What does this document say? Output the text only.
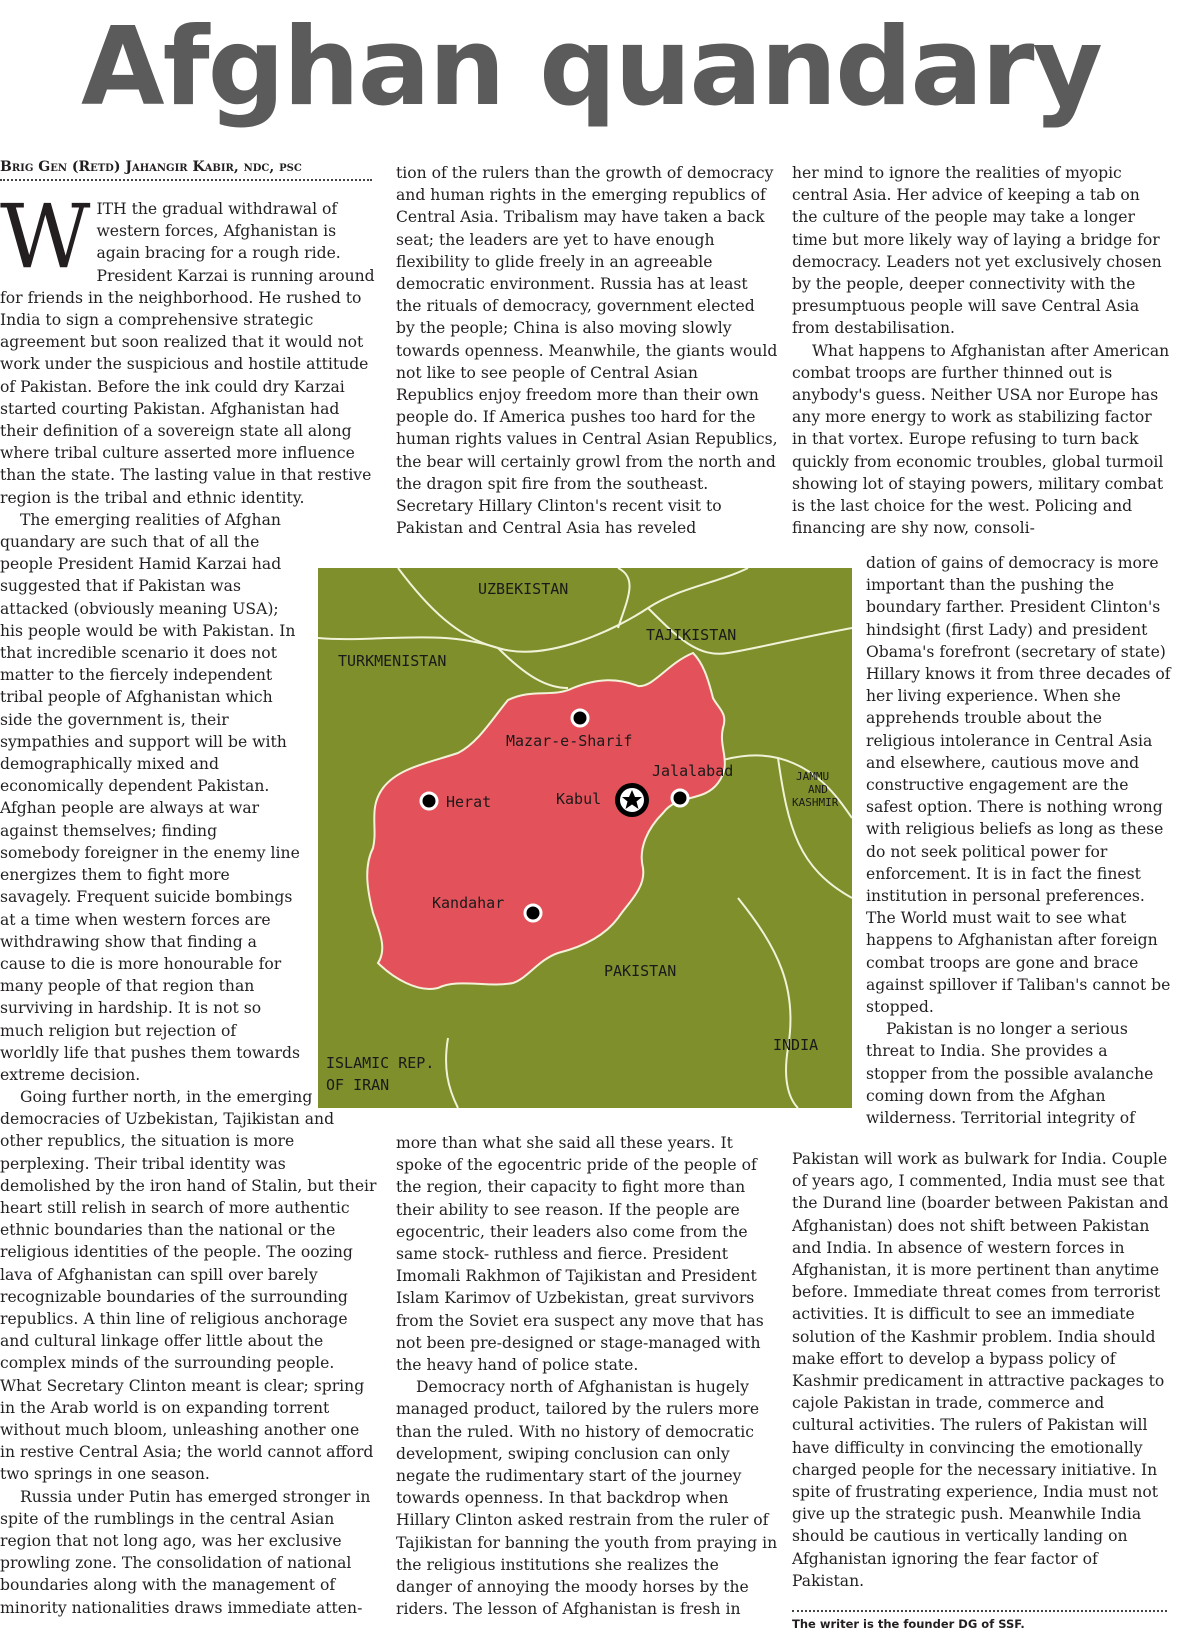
Afghan quandary
Brig Gen (Retd) Jahangir Kabir, ndc, psc

WITH the gradual withdrawal of western forces, Afghanistan is again bracing for a rough ride. President Karzai is running around for friends in the neighborhood. He rushed to India to sign a comprehensive strategic agreement but soon realized that it would not work under the suspicious and hostile attitude of Pakistan. Before the ink could dry Karzai started courting Pakistan. Afghanistan had their definition of a sovereign state all along where tribal culture asserted more influence than the state. The lasting value in that restive region is the tribal and ethnic identity.

The emerging realities of Afghan quandary are such that of all the people President Hamid Karzai had suggested that if Pakistan was attacked (obviously meaning USA); his people would be with Pakistan. In that incredible scenario it does not matter to the fiercely independent tribal people of Afghanistan which side the government is, their sympathies and support will be with demographically mixed and economically dependent Pakistan. Afghan people are always at war against themselves; finding somebody foreigner in the enemy line energizes them to fight more savagely. Frequent suicide bombings at a time when western forces are withdrawing show that finding a cause to die is more honourable for many people of that region than surviving in hardship. It is not so much religion but rejection of worldly life that pushes them towards extreme decision.

Going further north, in the emerging democracies of Uzbekistan, Tajikistan and other republics, the situation is more perplexing. Their tribal identity was demolished by the iron hand of Stalin, but their heart still relish in search of more authentic ethnic boundaries than the national or the religious identities of the people. The oozing lava of Afghanistan can spill over barely recognizable boundaries of the surrounding republics. A thin line of religious anchorage and cultural linkage offer little about the complex minds of the surrounding people. What Secretary Clinton meant is clear; spring in the Arab world is on expanding torrent without much bloom, unleashing another one in restive Central Asia; the world cannot afford two springs in one season.

Russia under Putin has emerged stronger in spite of the rumblings in the central Asian region that not long ago, was her exclusive prowling zone. The consolidation of national boundaries along with the management of minority nationalities draws immediate atten-

tion of the rulers than the growth of democracy and human rights in the emerging republics of Central Asia. Tribalism may have taken a back seat; the leaders are yet to have enough flexibility to glide freely in an agreeable democratic environment. Russia has at least the rituals of democracy, government elected by the people; China is also moving slowly towards openness. Meanwhile, the giants would not like to see people of Central Asian Republics enjoy freedom more than their own people do. If America pushes too hard for the human rights values in Central Asian Republics, the bear will certainly growl from the north and the dragon spit fire from the southeast. Secretary Hillary Clinton's recent visit to Pakistan and Central Asia has reveled

more than what she said all these years. It spoke of the egocentric pride of the people of the region, their capacity to fight more than their ability to see reason. If the people are egocentric, their leaders also come from the same stock- ruthless and fierce. President Imomali Rakhmon of Tajikistan and President Islam Karimov of Uzbekistan, great survivors from the Soviet era suspect any move that has not been pre-designed or stage-managed with the heavy hand of police state.

Democracy north of Afghanistan is hugely managed product, tailored by the rulers more than the ruled. With no history of democratic development, swiping conclusion can only negate the rudimentary start of the journey towards openness. In that backdrop when Hillary Clinton asked restrain from the ruler of Tajikistan for banning the youth from praying in the religious institutions she realizes the danger of annoying the moody horses by the riders. The lesson of Afghanistan is fresh in

her mind to ignore the realities of myopic central Asia. Her advice of keeping a tab on the culture of the people may take a longer time but more likely way of laying a bridge for democracy. Leaders not yet exclusively chosen by the people, deeper connectivity with the presumptuous people will save Central Asia from destabilisation.

What happens to Afghanistan after American combat troops are further thinned out is anybody's guess. Neither USA nor Europe has any more energy to work as stabilizing factor in that vortex. Europe refusing to turn back quickly from economic troubles, global turmoil showing lot of staying powers, military combat is the last choice for the west. Policing and financing are shy now, consoli-

dation of gains of democracy is more important than the pushing the boundary farther. President Clinton's hindsight (first Lady) and president Obama's forefront (secretary of state) Hillary knows it from three decades of her living experience. When she apprehends trouble about the religious intolerance in Central Asia and elsewhere, cautious move and constructive engagement are the safest option. There is nothing wrong with religious beliefs as long as these do not seek political power for enforcement. It is in fact the finest institution in personal preferences. The World must wait to see what happens to Afghanistan after foreign combat troops are gone and brace against spillover if Taliban's cannot be stopped.

Pakistan is no longer a serious threat to India. She provides a stopper from the possible avalanche coming down from the Afghan wilderness. Territorial integrity of

Pakistan will work as bulwark for India. Couple of years ago, I commented, India must see that the Durand line (boarder between Pakistan and Afghanistan) does not shift between Pakistan and India. In absence of western forces in Afghanistan, it is more pertinent than anytime before. Immediate threat comes from terrorist activities. It is difficult to see an immediate solution of the Kashmir problem. India should make effort to develop a bypass policy of Kashmir predicament in attractive packages to cajole Pakistan in trade, commerce and cultural activities. The rulers of Pakistan will have difficulty in convincing the emotionally charged people for the necessary initiative. In spite of frustrating experience, India must not give up the strategic push. Meanwhile India should be cautious in vertically landing on Afghanistan ignoring the fear factor of Pakistan.

UZBEKISTAN
TAJIKISTAN
TURKMENISTAN
PAKISTAN
INDIA
ISLAMIC REP.
OF IRAN
JAMMU
AND
KASHMIR
Mazar-e-Sharif
Herat	Kabul
Jalalabad
Kandahar
The writer is the founder DG of SSF.
